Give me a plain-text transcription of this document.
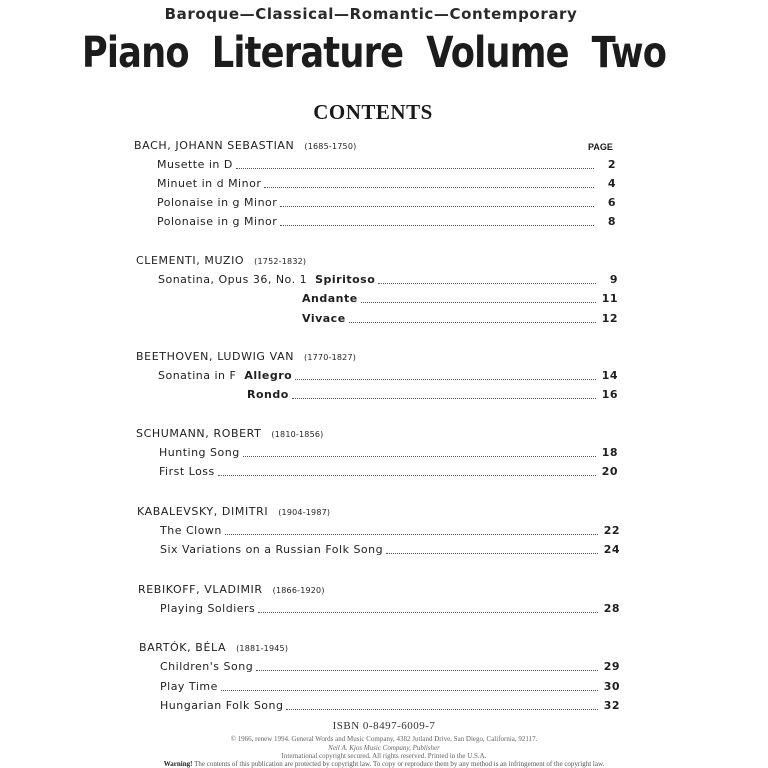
Baroque—Classical—Romantic—Contemporary
Piano Literature Volume Two
CONTENTS
PAGE
BACH, JOHANN SEBASTIAN (1685-1750)
Musette in D	2
Minuet in d Minor	4
Polonaise in g Minor	6
Polonaise in g Minor	8
CLEMENTI, MUZIO (1752-1832)
Sonatina, Opus 36, No. 1 Spiritoso	9
Andante	11
Vivace	12
BEETHOVEN, LUDWIG VAN (1770-1827)
Sonatina in F Allegro	14
Rondo	16
SCHUMANN, ROBERT (1810-1856)
Hunting Song	18
First Loss	20
KABALEVSKY, DIMITRI (1904-1987)
The Clown	22
Six Variations on a Russian Folk Song	24
REBIKOFF, VLADIMIR (1866-1920)
Playing Soldiers	28
BARTÓK, BÉLA (1881-1945)
Children's Song	29
Play Time	30
Hungarian Folk Song	32
ISBN 0-8497-6009-7
© 1966, renew 1994. General Words and Music Company, 4382 Jutland Drive, San Diego, California, 92117.
Neil A. Kjos Music Company, Publisher
International copyright secured. All rights reserved. Printed in the U.S.A.
Warning! The contents of this publication are protected by copyright law. To copy or reproduce them by any method is an infringement of the copyright law.
